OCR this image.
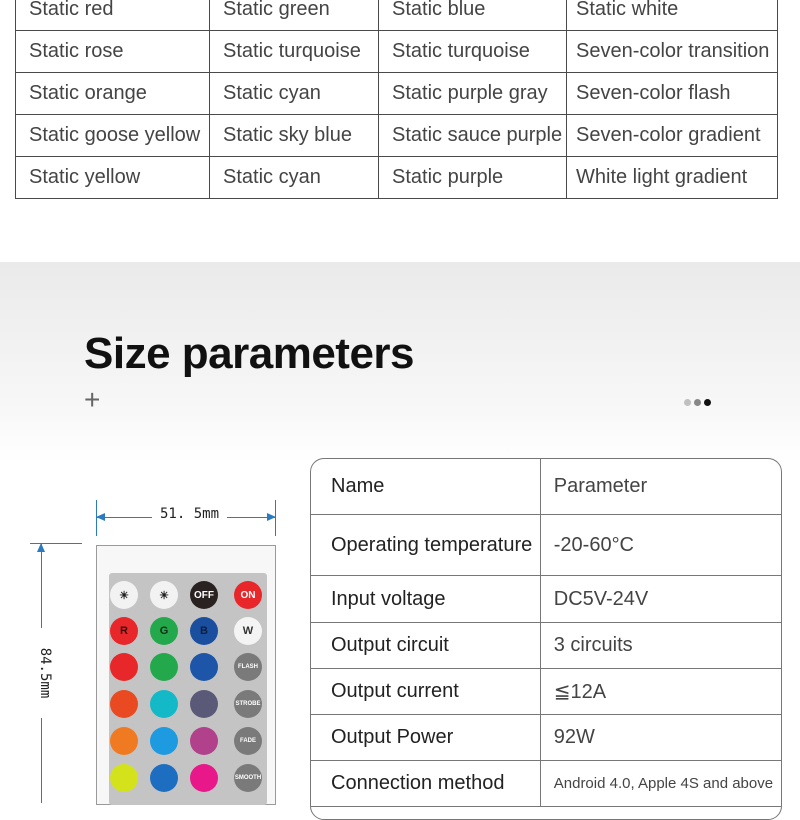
Static red	Static green	Static blue	Static white
Static rose	Static turquoise	Static turquoise	Seven-color transition
Static orange	Static cyan	Static purple gray	Seven-color flash
Static goose yellow	Static sky blue	Static sauce purple	Seven-color gradient
Static yellow	Static cyan	Static purple	White light gradient
Size parameters
+
51. 5mm
84.5mm
☀	☀	OFF	ON
R	G	B	W
FLASH
STROBE
FADE
SMOOTH
Name	Parameter
Operating temperature	-20-60°C
Input voltage	DC5V-24V
Output circuit	3 circuits
Output current	≦12A
Output Power	92W
Connection method	Android 4.0, Apple 4S and above
